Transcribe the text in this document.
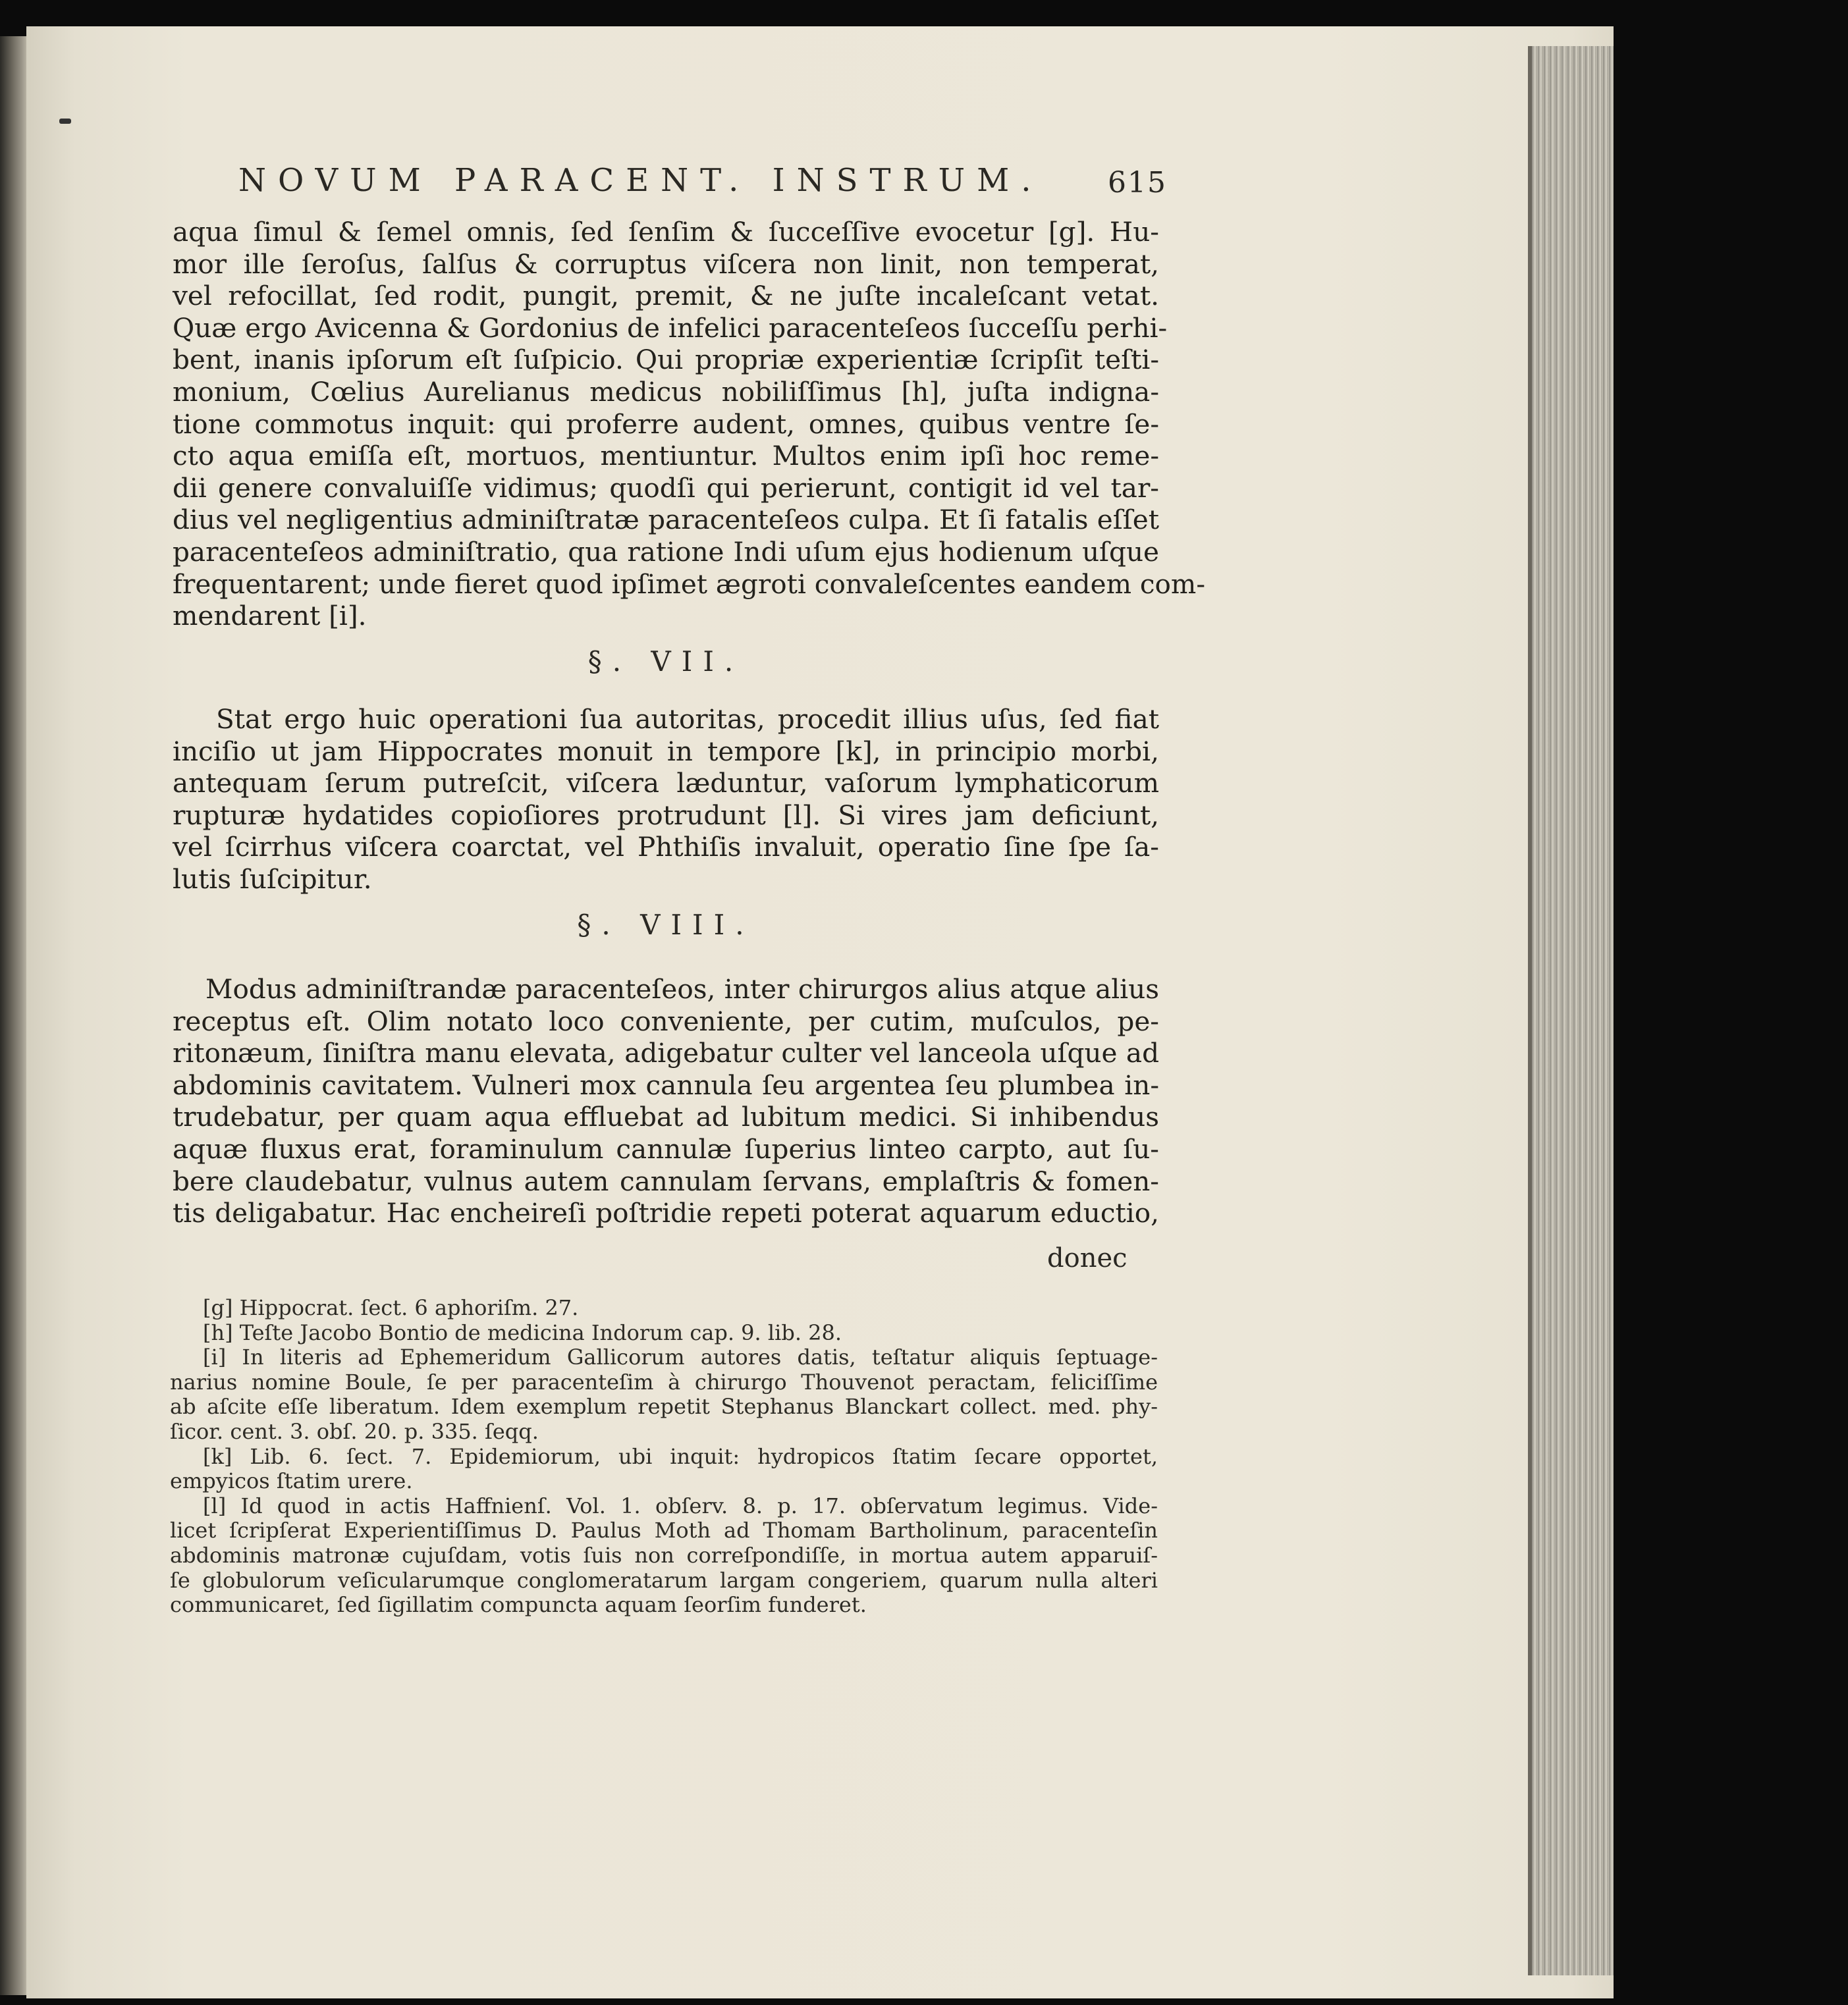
NOVUM PARACENT. INSTRUM. 615

aqua ſimul & ſemel omnis, ſed ſenſim & ſucceſſive evocetur [g]. Hu-
mor ille ſeroſus, ſalſus & corruptus viſcera non linit, non temperat,
vel refocillat, ſed rodit, pungit, premit, & ne juſte incaleſcant vetat.
Quæ ergo Avicenna & Gordonius de infelici paracenteſeos ſucceſſu perhi-
bent, inanis ipſorum eſt ſuſpicio. Qui propriæ experientiæ ſcripſit teſti-
monium, Cœlius Aurelianus medicus nobiliſſimus [h], juſta indigna-
tione commotus inquit: qui proferre audent, omnes, quibus ventre ſe-
cto aqua emiſſa eſt, mortuos, mentiuntur. Multos enim ipſi hoc reme-
dii genere convaluiſſe vidimus; quodſi qui perierunt, contigit id vel tar-
dius vel negligentius adminiſtratæ paracenteſeos culpa. Et ſi fatalis eſſet
paracenteſeos adminiſtratio, qua ratione Indi uſum ejus hodienum uſque
frequentarent; unde fieret quod ipſimet ægroti convaleſcentes eandem com-
mendarent [i].

§. VII.

Stat ergo huic operationi ſua autoritas, procedit illius uſus, ſed fiat
inciſio ut jam Hippocrates monuit in tempore [k], in principio morbi,
antequam ſerum putreſcit, viſcera læduntur, vaſorum lymphaticorum
rupturæ hydatides copioſiores protrudunt [l]. Si vires jam deficiunt,
vel ſcirrhus viſcera coarctat, vel Phthiſis invaluit, operatio ſine ſpe ſa-
lutis ſuſcipitur.

§. VIII.

Modus adminiſtrandæ paracenteſeos, inter chirurgos alius atque alius
receptus eſt. Olim notato loco conveniente, per cutim, muſculos, pe-
ritonæum, ſiniſtra manu elevata, adigebatur culter vel lanceola uſque ad
abdominis cavitatem. Vulneri mox cannula ſeu argentea ſeu plumbea in-
trudebatur, per quam aqua effluebat ad lubitum medici. Si inhibendus
aquæ fluxus erat, foraminulum cannulæ ſuperius linteo carpto, aut ſu-
bere claudebatur, vulnus autem cannulam ſervans, emplaſtris & fomen-
tis deligabatur. Hac encheireſi poſtridie repeti poterat aquarum eductio,

donec
[g] Hippocrat. ſect. 6 aphoriſm. 27.
[h] Teſte Jacobo Bontio de medicina Indorum cap. 9. lib. 28.
[i] In literis ad Ephemeridum Gallicorum autores datis, teſtatur aliquis ſeptuage-
narius nomine Boule, ſe per paracenteſim à chirurgo Thouvenot peractam, feliciſſime
ab aſcite eſſe liberatum. Idem exemplum repetit Stephanus Blanckart collect. med. phy-
ſicor. cent. 3. obſ. 20. p. 335. ſeqq.
[k] Lib. 6. ſect. 7. Epidemiorum, ubi inquit: hydropicos ſtatim ſecare opportet,
empyicos ſtatim urere.
[l] Id quod in actis Haffnienſ. Vol. 1. obſerv. 8. p. 17. obſervatum legimus. Vide-
licet ſcripſerat Experientiſſimus D. Paulus Moth ad Thomam Bartholinum, paracenteſin
abdominis matronæ cujuſdam, votis ſuis non correſpondiſſe, in mortua autem apparuiſ-
ſe globulorum veſicularumque conglomeratarum largam congeriem, quarum nulla alteri
communicaret, ſed ſigillatim compuncta aquam ſeorſim funderet.
